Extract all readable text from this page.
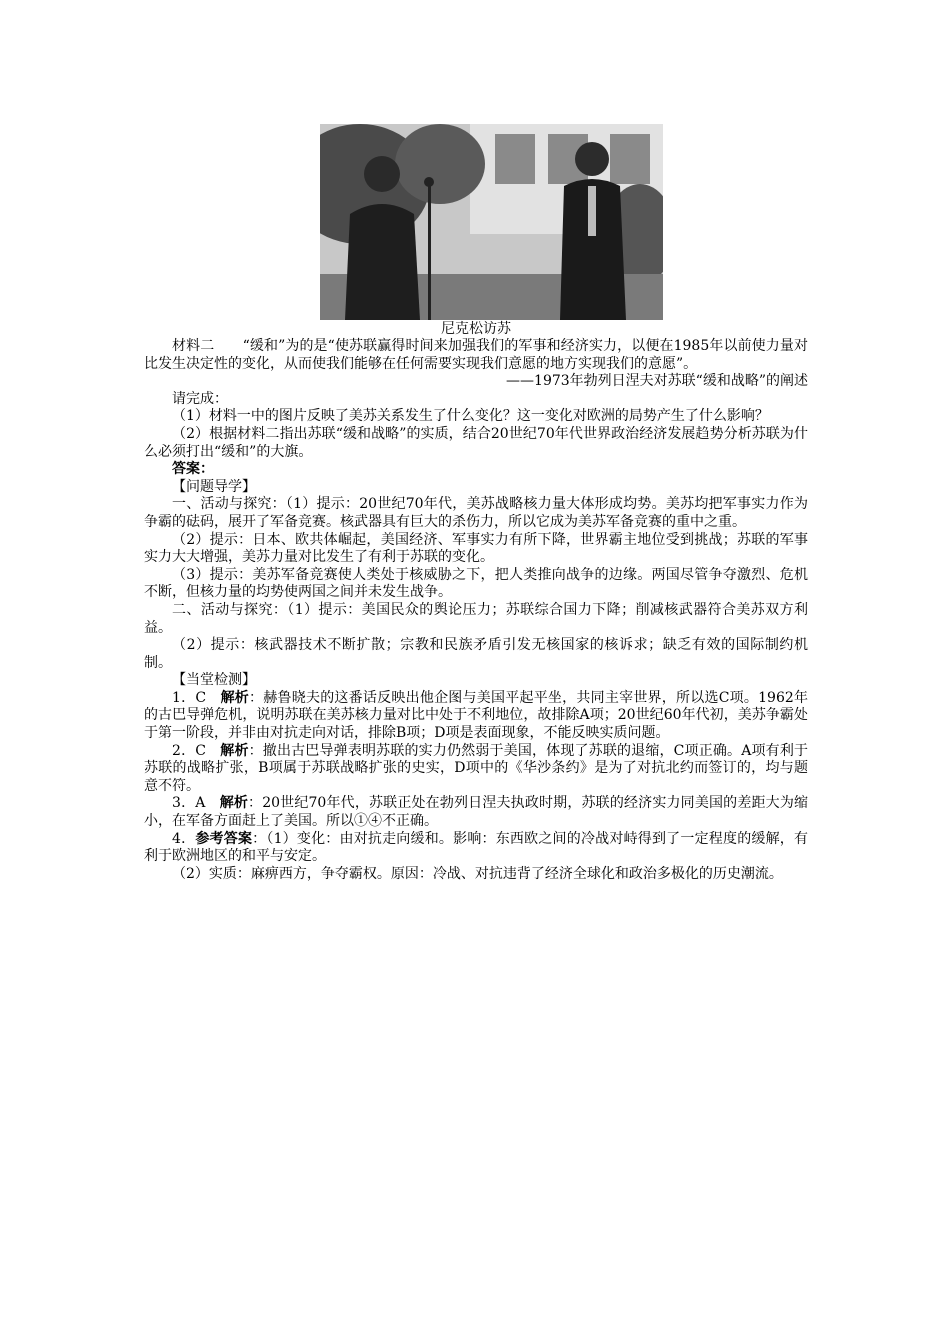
尼克松访苏

材料二　　 “缓和”为的是“使苏联赢得时间来加强我们的军事和经济实力，以便在1985年以前使力量对比发生决定性的变化，从而使我们能够在任何需要实现我们意愿的地方实现我们的意愿”。

——1973年勃列日涅夫对苏联“缓和战略”的阐述

请完成：

（1）材料一中的图片反映了美苏关系发生了什么变化？这一变化对欧洲的局势产生了什么影响？

（2）根据材料二指出苏联“缓和战略”的实质，结合20世纪70年代世界政治经济发展趋势分析苏联为什么必须打出“缓和”的大旗。

答案：

【问题导学】

一、活动与探究：（1）提示：20世纪70年代，美苏战略核力量大体形成均势。美苏均把军事实力作为争霸的砝码，展开了军备竞赛。核武器具有巨大的杀伤力，所以它成为美苏军备竞赛的重中之重。

（2）提示：日本、欧共体崛起，美国经济、军事实力有所下降，世界霸主地位受到挑战；苏联的军事实力大大增强，美苏力量对比发生了有利于苏联的变化。

（3）提示：美苏军备竞赛使人类处于核威胁之下，把人类推向战争的边缘。两国尽管争夺激烈、危机不断，但核力量的均势使两国之间并未发生战争。

二、活动与探究：（1）提示：美国民众的舆论压力；苏联综合国力下降；削减核武器符合美苏双方利益。

（2）提示：核武器技术不断扩散；宗教和民族矛盾引发无核国家的核诉求；缺乏有效的国际制约机制。

【当堂检测】

1．C　解析：赫鲁晓夫的这番话反映出他企图与美国平起平坐，共同主宰世界，所以选C项。1962年的古巴导弹危机，说明苏联在美苏核力量对比中处于不利地位，故排除A项；20世纪60年代初，美苏争霸处于第一阶段，并非由对抗走向对话，排除B项；D项是表面现象，不能反映实质问题。

2．C　解析：撤出古巴导弹表明苏联的实力仍然弱于美国，体现了苏联的退缩，C项正确。A项有利于苏联的战略扩张，B项属于苏联战略扩张的史实，D项中的《华沙条约》是为了对抗北约而签订的，均与题意不符。

3．A　解析：20世纪70年代，苏联正处在勃列日涅夫执政时期，苏联的经济实力同美国的差距大为缩小，在军备方面赶上了美国。所以①④不正确。

4．参考答案：（1）变化：由对抗走向缓和。影响：东西欧之间的冷战对峙得到了一定程度的缓解，有利于欧洲地区的和平与安定。

（2）实质：麻痹西方，争夺霸权。原因：冷战、对抗违背了经济全球化和政治多极化的历史潮流。
